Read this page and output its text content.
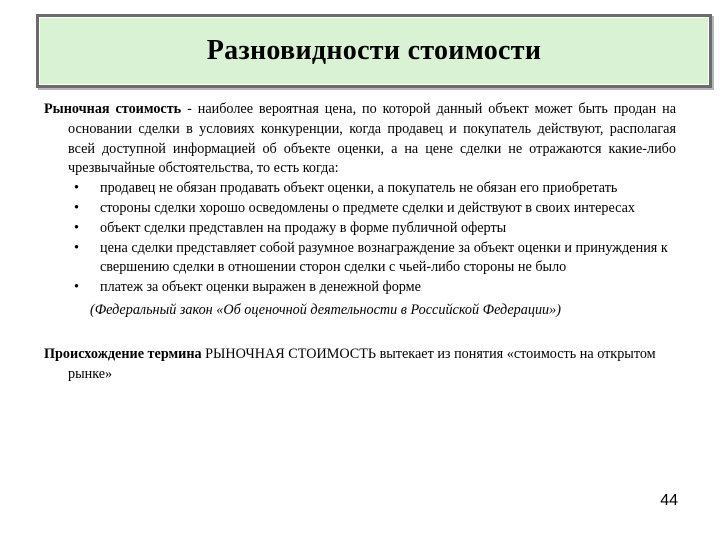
Разновидности стоимости

Рыночная стоимость - наиболее вероятная цена, по которой данный объект может быть продан на основании сделки в условиях конкуренции, когда продавец и покупатель действуют, располагая всей доступной информацией об объекте оценки, а на цене сделки не отражаются какие-либо чрезвычайные обстоятельства, то есть когда:

• продавец не обязан продавать объект оценки, а покупатель не обязан его приобретать
• стороны сделки хорошо осведомлены о предмете сделки и действуют в своих интересах
• объект сделки представлен на продажу в форме публичной оферты
• цена сделки представляет собой разумное вознаграждение за объект оценки и принуждения к свершению сделки в отношении сторон сделки с чьей-либо стороны не было
• платеж за объект оценки выражен в денежной форме

(Федеральный закон «Об оценочной деятельности в Российской Федерации»)

Происхождение термина РЫНОЧНАЯ СТОИМОСТЬ вытекает из понятия «стоимость на открытом рынке»

44
